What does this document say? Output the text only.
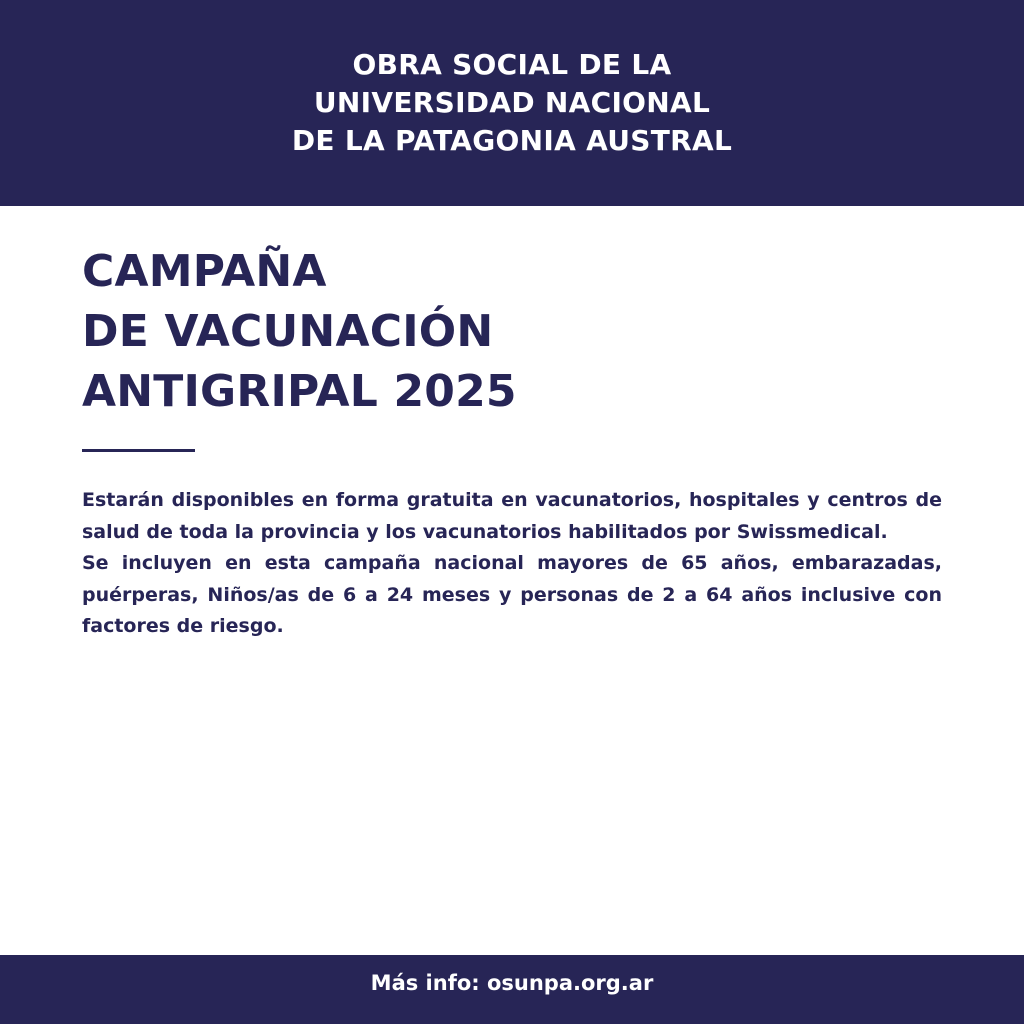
OBRA SOCIAL DE LA
UNIVERSIDAD NACIONAL
DE LA PATAGONIA AUSTRAL
CAMPAÑA
DE VACUNACIÓN
ANTIGRIPAL 2025

Estarán disponibles en forma gratuita en vacunatorios, hospitales y centros de salud de toda la provincia y los vacunatorios habilitados por Swissmedical.

Se incluyen en esta campaña nacional mayores de 65 años, embarazadas, puérperas, Niños/as de 6 a 24 meses y personas de 2 a 64 años inclusive con factores de riesgo.

Más info: osunpa.org.ar
